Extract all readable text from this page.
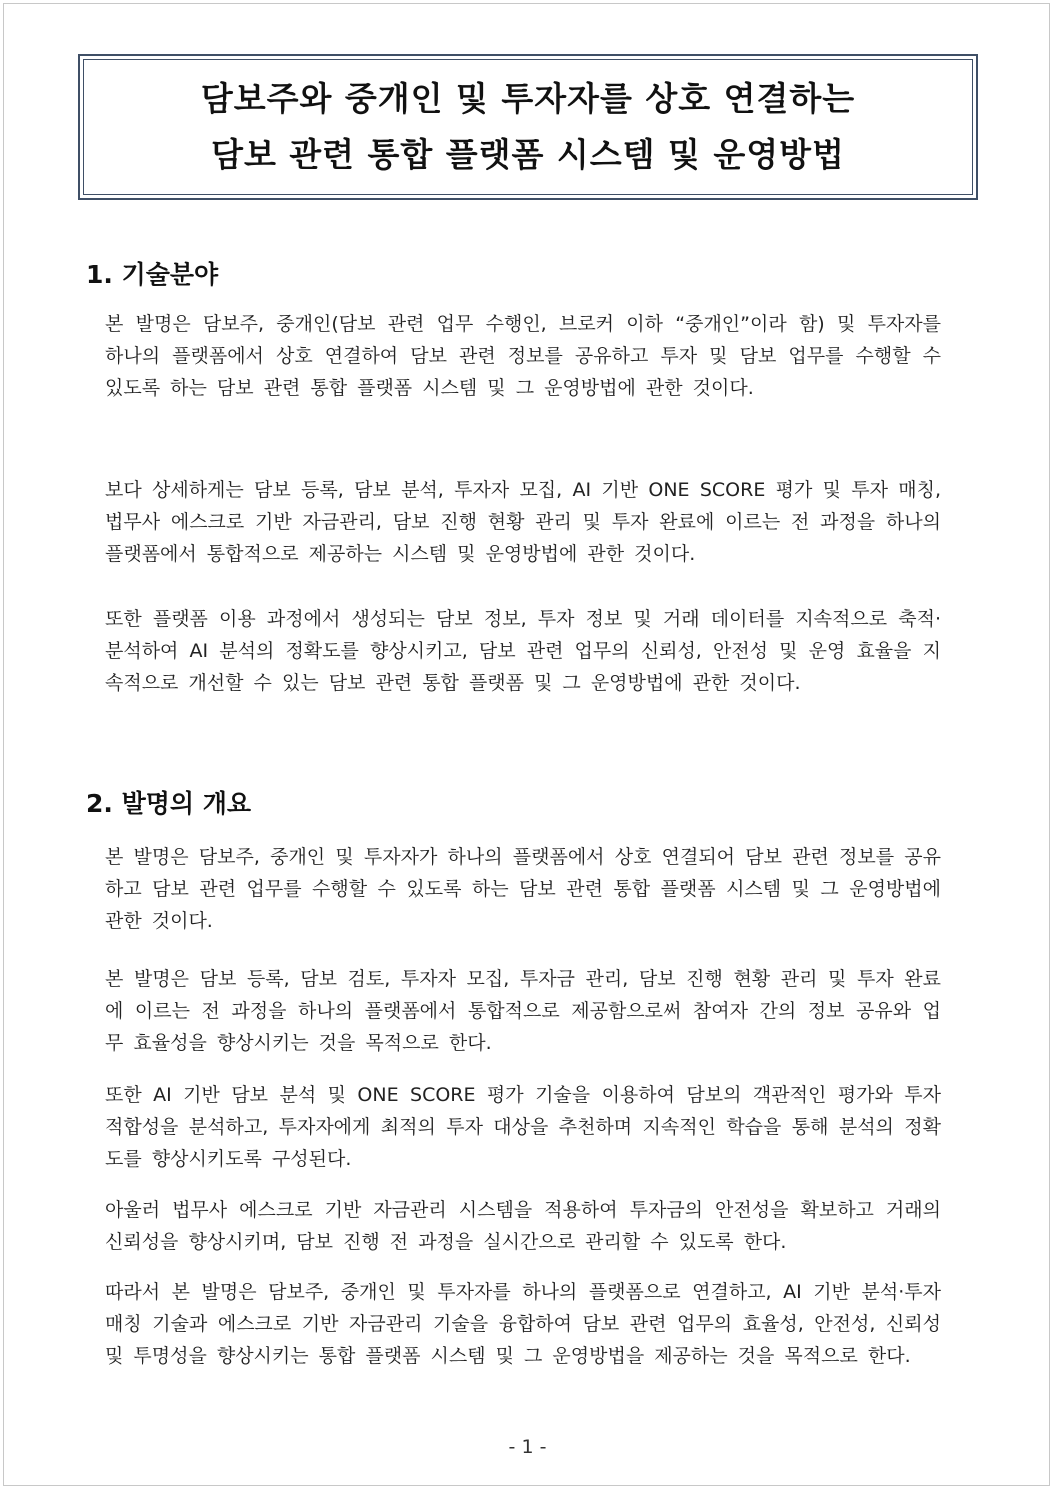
담보주와 중개인 및 투자자를 상호 연결하는
담보 관련 통합 플랫폼 시스템 및 운영방법
1. 기술분야
본 발명은 담보주, 중개인(담보 관련 업무 수행인, 브로커 이하 “중개인”이라 함) 및 투자자를 하나의 플랫폼에서 상호 연결하여 담보 관련 정보를 공유하고 투자 및 담보 업무를 수행할 수 있도록 하는 담보 관련 통합 플랫폼 시스템 및 그 운영방법에 관한 것이다.
보다 상세하게는 담보 등록, 담보 분석, 투자자 모집, AI 기반 ONE SCORE 평가 및 투자 매칭, 법무사 에스크로 기반 자금관리, 담보 진행 현황 관리 및 투자 완료에 이르는 전 과정을 하나의 플랫폼에서 통합적으로 제공하는 시스템 및 운영방법에 관한 것이다.
또한 플랫폼 이용 과정에서 생성되는 담보 정보, 투자 정보 및 거래 데이터를 지속적으로 축적·분석하여 AI 분석의 정확도를 향상시키고, 담보 관련 업무의 신뢰성, 안전성 및 운영 효율을 지속적으로 개선할 수 있는 담보 관련 통합 플랫폼 및 그 운영방법에 관한 것이다.
2. 발명의 개요
본 발명은 담보주, 중개인 및 투자자가 하나의 플랫폼에서 상호 연결되어 담보 관련 정보를 공유하고 담보 관련 업무를 수행할 수 있도록 하는 담보 관련 통합 플랫폼 시스템 및 그 운영방법에 관한 것이다.
본 발명은 담보 등록, 담보 검토, 투자자 모집, 투자금 관리, 담보 진행 현황 관리 및 투자 완료에 이르는 전 과정을 하나의 플랫폼에서 통합적으로 제공함으로써 참여자 간의 정보 공유와 업무 효율성을 향상시키는 것을 목적으로 한다.
또한 AI 기반 담보 분석 및 ONE SCORE 평가 기술을 이용하여 담보의 객관적인 평가와 투자 적합성을 분석하고, 투자자에게 최적의 투자 대상을 추천하며 지속적인 학습을 통해 분석의 정확도를 향상시키도록 구성된다.
아울러 법무사 에스크로 기반 자금관리 시스템을 적용하여 투자금의 안전성을 확보하고 거래의 신뢰성을 향상시키며, 담보 진행 전 과정을 실시간으로 관리할 수 있도록 한다.
따라서 본 발명은 담보주, 중개인 및 투자자를 하나의 플랫폼으로 연결하고, AI 기반 분석·투자 매칭 기술과 에스크로 기반 자금관리 기술을 융합하여 담보 관련 업무의 효율성, 안전성, 신뢰성 및 투명성을 향상시키는 통합 플랫폼 시스템 및 그 운영방법을 제공하는 것을 목적으로 한다.
- 1 -
